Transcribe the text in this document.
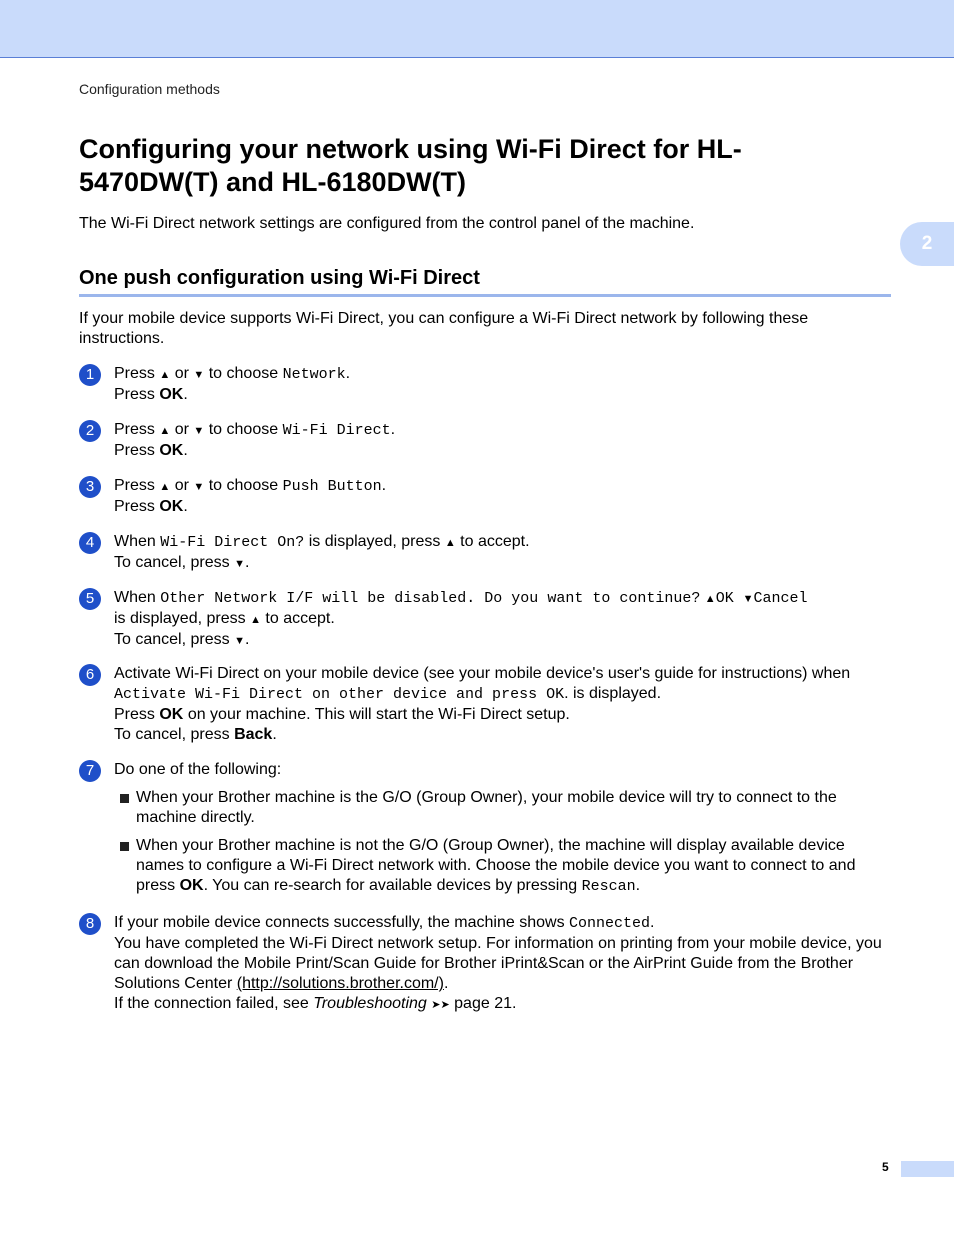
Configuration methods
2
Configuring your network using Wi-Fi Direct for HL-5470DW(T) and HL-6180DW(T)

The Wi-Fi Direct network settings are configured from the control panel of the machine.

One push configuration using Wi-Fi Direct

If your mobile device supports Wi-Fi Direct, you can configure a Wi-Fi Direct network by following these instructions.

1	Press ▲ or ▼ to choose Network.
Press OK.
2	Press ▲ or ▼ to choose Wi-Fi Direct.
Press OK.
3	Press ▲ or ▼ to choose Push Button.
Press OK.
4	When Wi-Fi Direct On? is displayed, press ▲ to accept.
To cancel, press ▼.
5	When Other Network I/F will be disabled. Do you want to continue? ▲OK ▼Cancel
is displayed, press ▲ to accept.
To cancel, press ▼.
6	Activate Wi-Fi Direct on your mobile device (see your mobile device's user's guide for instructions) when
Activate Wi-Fi Direct on other device and press OK. is displayed.
Press OK on your machine. This will start the Wi-Fi Direct setup.
To cancel, press Back.
7	Do one of the following:
When your Brother machine is the G/O (Group Owner), your mobile device will try to connect to the machine directly.
When your Brother machine is not the G/O (Group Owner), the machine will display available device names to configure a Wi-Fi Direct network with. Choose the mobile device you want to connect to and press OK. You can re-search for available devices by pressing Rescan.
8	If your mobile device connects successfully, the machine shows Connected.
You have completed the Wi-Fi Direct network setup. For information on printing from your mobile device, you can download the Mobile Print/Scan Guide for Brother iPrint&Scan or the AirPrint Guide from the Brother Solutions Center (http://solutions.brother.com/).
If the connection failed, see Troubleshooting ➤➤ page 21.
5
